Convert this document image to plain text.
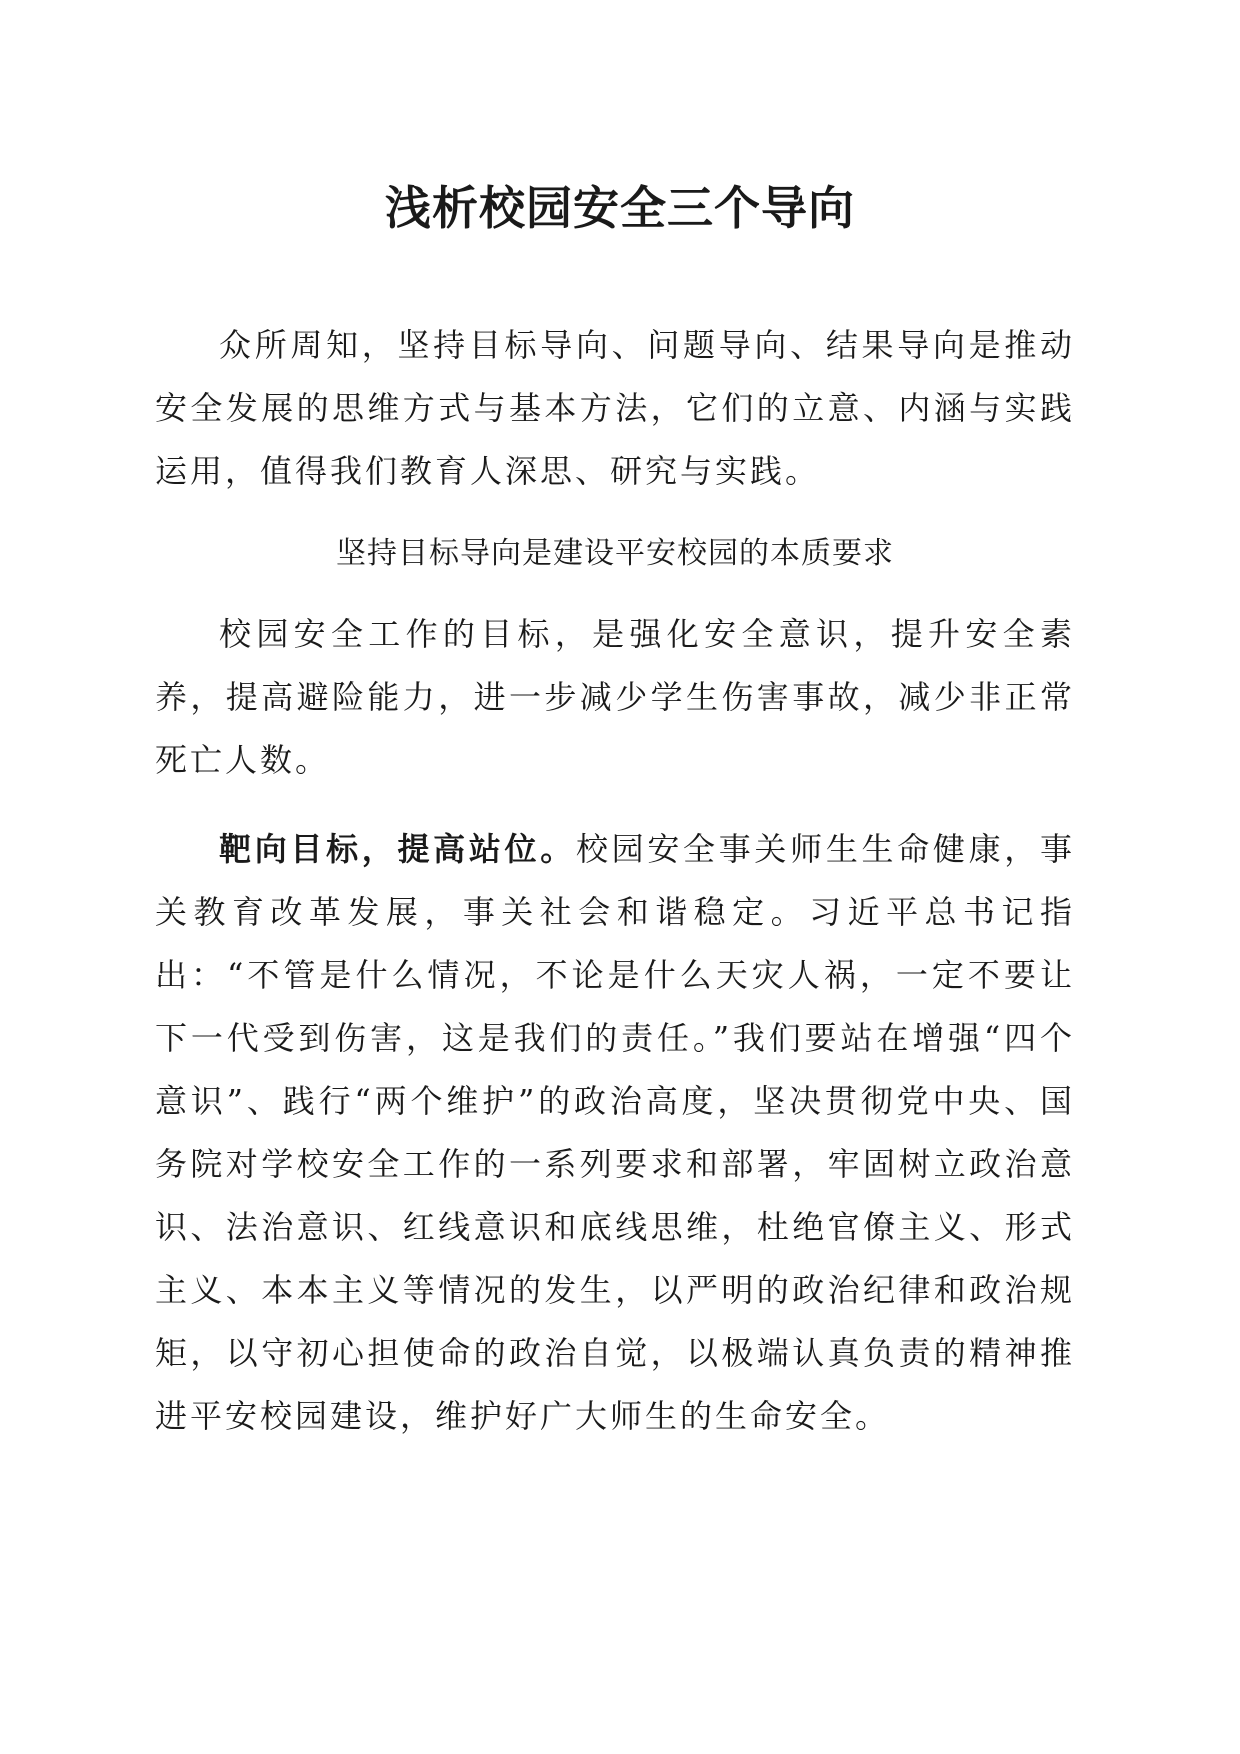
浅析校园安全三个导向

众所周知，坚持目标导向、问题导向、结果导向是推动安全发展的思维方式与基本方法，它们的立意、内涵与实践运用，值得我们教育人深思、研究与实践。

坚持目标导向是建设平安校园的本质要求

校园安全工作的目标，是强化安全意识，提升安全素养，提高避险能力，进一步减少学生伤害事故，减少非正常死亡人数。

靶向目标，提高站位。校园安全事关师生生命健康，事关教育改革发展，事关社会和谐稳定。习近平总书记指出：“不管是什么情况，不论是什么天灾人祸，一定不要让下一代受到伤害，这是我们的责任。”我们要站在增强“四个意识”、践行“两个维护”的政治高度，坚决贯彻党中央、国务院对学校安全工作的一系列要求和部署，牢固树立政治意识、法治意识、红线意识和底线思维，杜绝官僚主义、形式主义、本本主义等情况的发生，以严明的政治纪律和政治规矩，以守初心担使命的政治自觉，以极端认真负责的精神推进平安校园建设，维护好广大师生的生命安全。
